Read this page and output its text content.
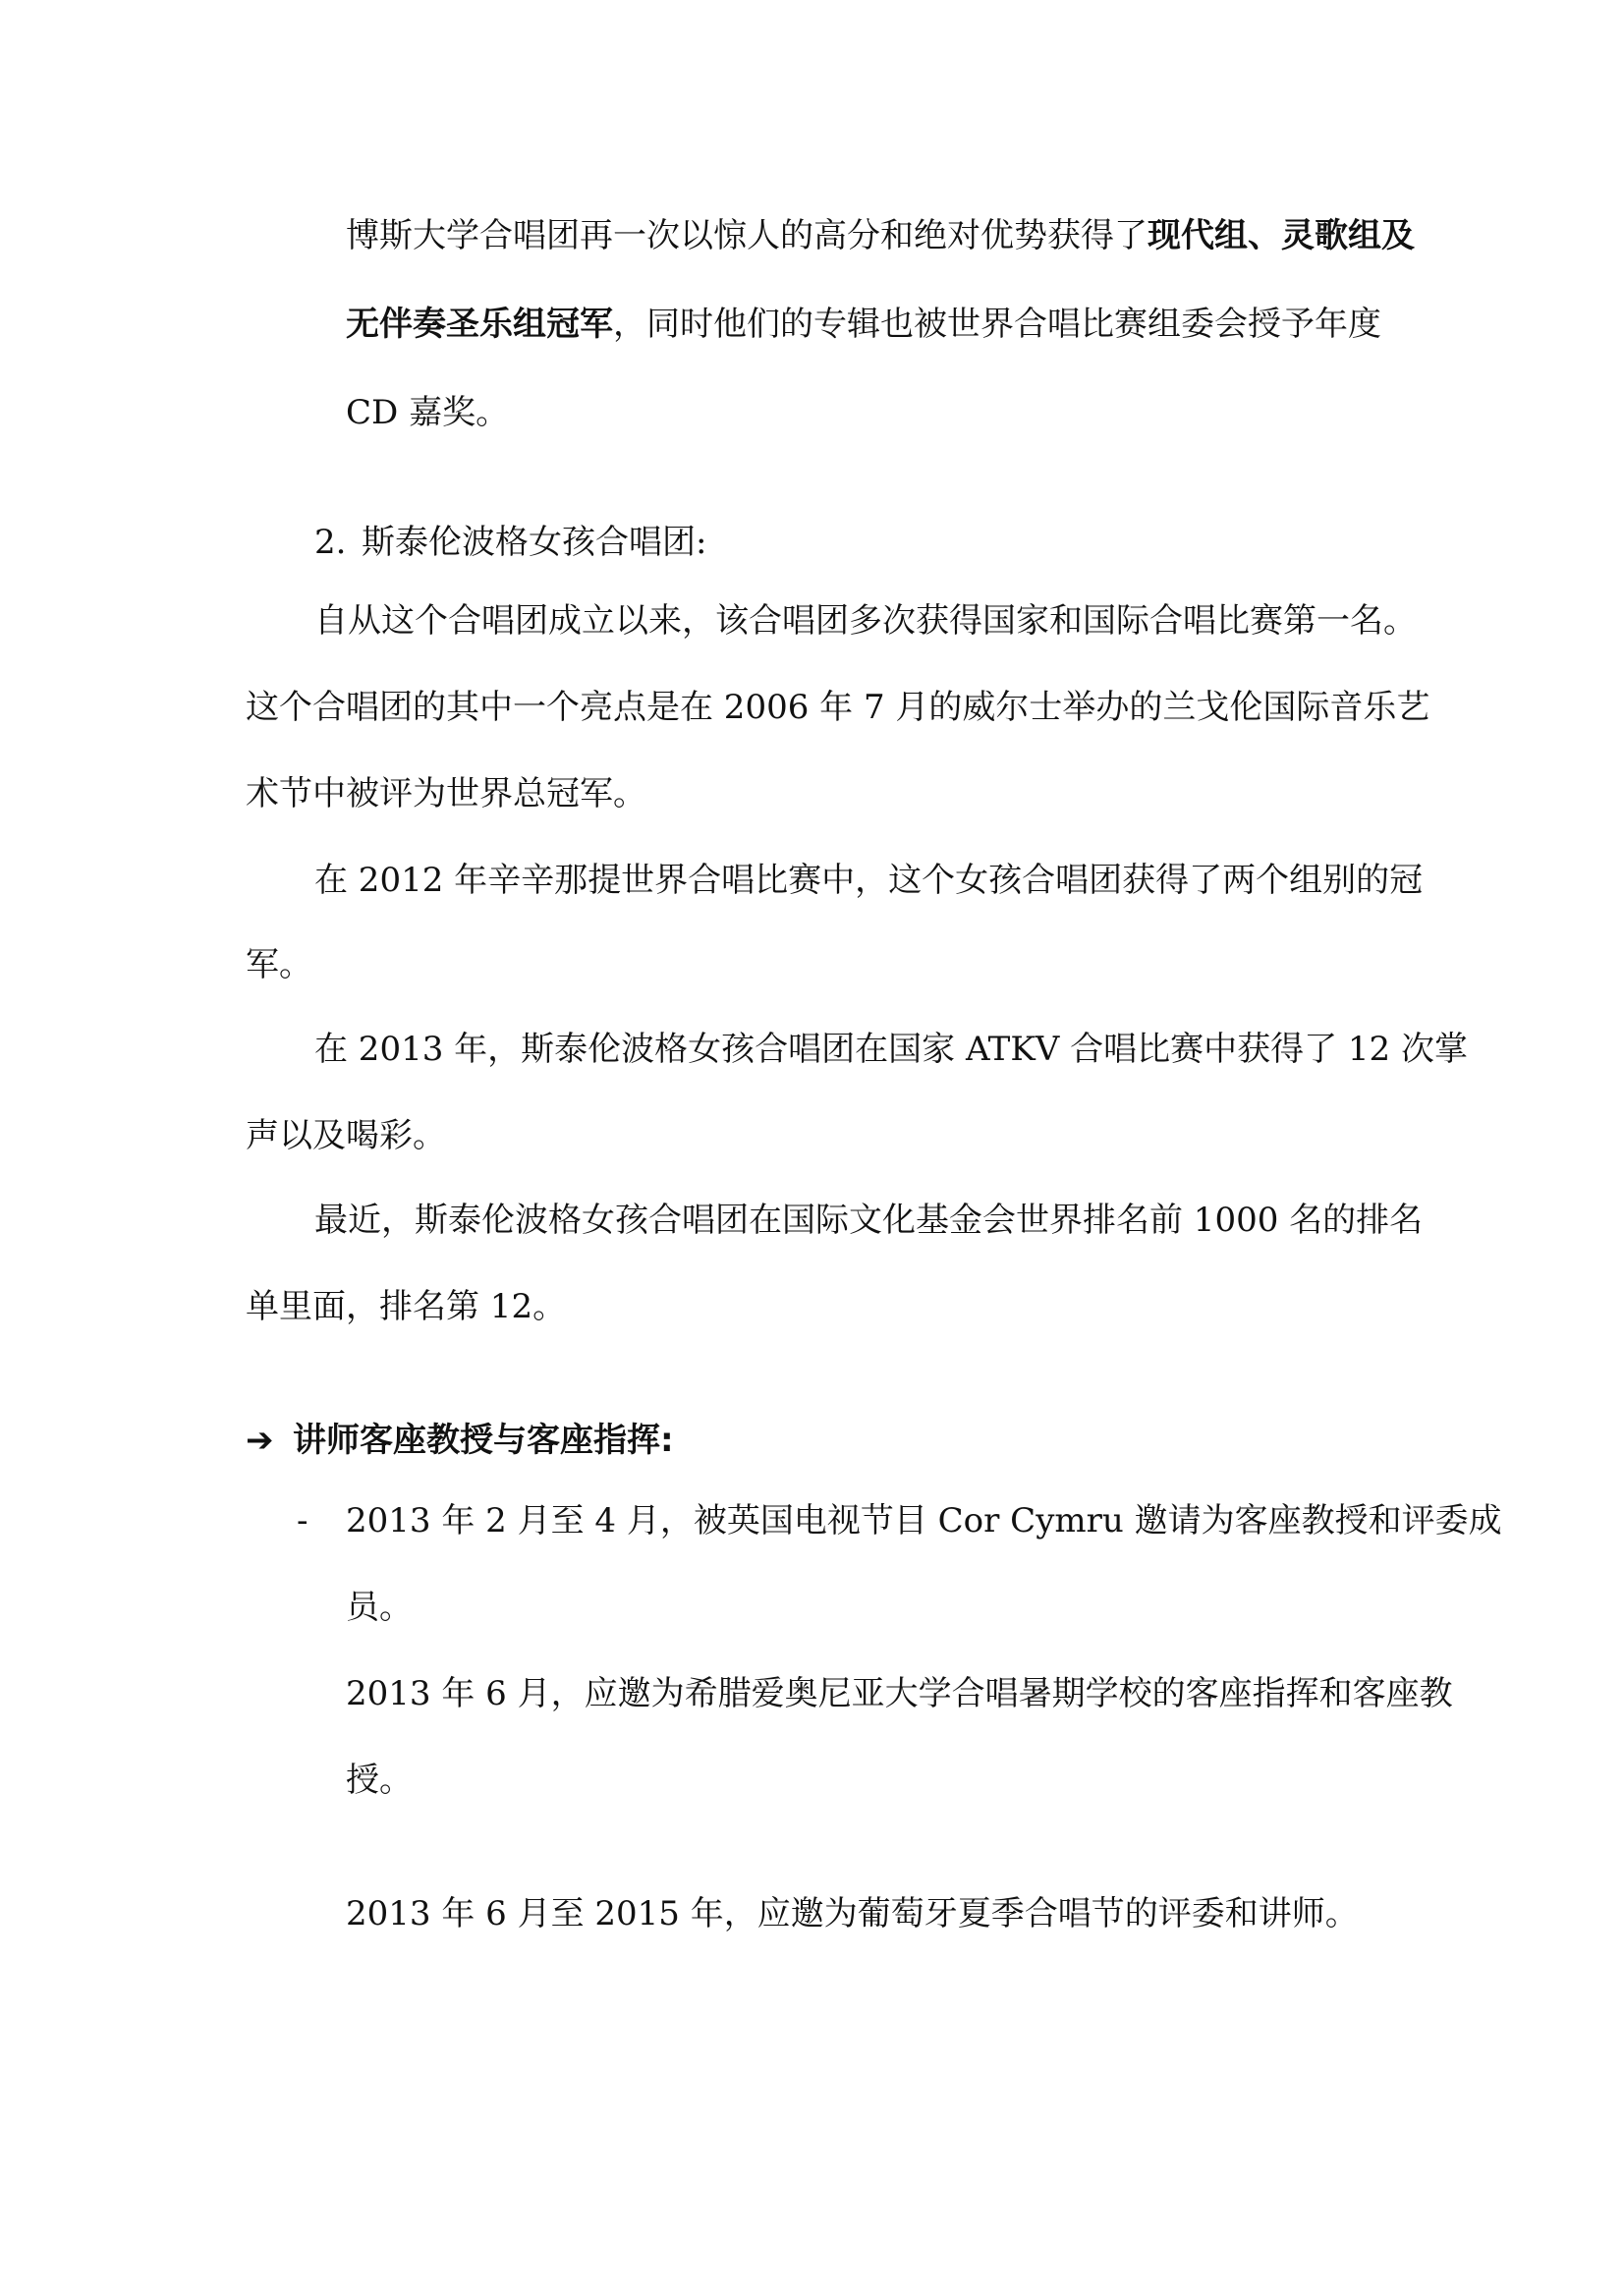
博斯大学合唱团再一次以惊人的高分和绝对优势获得了现代组、灵歌组及

无伴奏圣乐组冠军，同时他们的专辑也被世界合唱比赛组委会授予年度

CD 嘉奖。

2. 斯泰伦波格女孩合唱团:

自从这个合唱团成立以来，该合唱团多次获得国家和国际合唱比赛第一名。

这个合唱团的其中一个亮点是在 2006 年 7 月的威尔士举办的兰戈伦国际音乐艺

术节中被评为世界总冠军。

在 2012 年辛辛那提世界合唱比赛中，这个女孩合唱团获得了两个组别的冠

军。

在 2013 年，斯泰伦波格女孩合唱团在国家 ATKV 合唱比赛中获得了 12 次掌

声以及喝彩。

最近，斯泰伦波格女孩合唱团在国际文化基金会世界排名前 1000 名的排名

单里面，排名第 12。

➔ 讲师客座教授与客座指挥:

- 2013 年 2 月至 4 月，被英国电视节目 Cor Cymru 邀请为客座教授和评委成

员。

2013 年 6 月，应邀为希腊爱奥尼亚大学合唱暑期学校的客座指挥和客座教

授。

2013 年 6 月至 2015 年，应邀为葡萄牙夏季合唱节的评委和讲师。
